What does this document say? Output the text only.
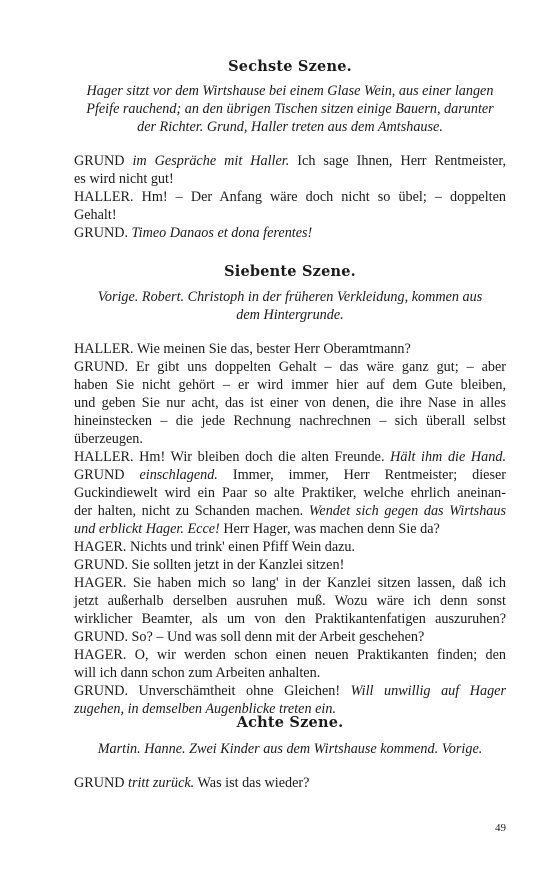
Sechste Szene.
Hager sitzt vor dem Wirtshause bei einem Glase Wein, aus einer langen
Pfeife rauchend; an den übrigen Tischen sitzen einige Bauern, darunter
der Richter. Grund, Haller treten aus dem Amtshause.
GRUND im Gespräche mit Haller. Ich sage Ihnen, Herr Rentmeister,
es wird nicht gut!
HALLER. Hm! – Der Anfang wäre doch nicht so übel; – doppelten
Gehalt!
GRUND. Timeo Danaos et dona ferentes!
Siebente Szene.
Vorige. Robert. Christoph in der früheren Verkleidung, kommen aus
dem Hintergrunde.
HALLER. Wie meinen Sie das, bester Herr Oberamtmann?
GRUND. Er gibt uns doppelten Gehalt – das wäre ganz gut; – aber
haben Sie nicht gehört – er wird immer hier auf dem Gute bleiben,
und geben Sie nur acht, das ist einer von denen, die ihre Nase in alles
hineinstecken – die jede Rechnung nachrechnen – sich überall selbst
überzeugen.
HALLER. Hm! Wir bleiben doch die alten Freunde. Hält ihm die Hand.
GRUND einschlagend. Immer, immer, Herr Rentmeister; dieser
Guckindiewelt wird ein Paar so alte Praktiker, welche ehrlich aneinan-
der halten, nicht zu Schanden machen. Wendet sich gegen das Wirtshaus
und erblickt Hager. Ecce! Herr Hager, was machen denn Sie da?
HAGER. Nichts und trink' einen Pfiff Wein dazu.
GRUND. Sie sollten jetzt in der Kanzlei sitzen!
HAGER. Sie haben mich so lang' in der Kanzlei sitzen lassen, daß ich
jetzt außerhalb derselben ausruhen muß. Wozu wäre ich denn sonst
wirklicher Beamter, als um von den Praktikantenfatigen auszuruhen?
GRUND. So? – Und was soll denn mit der Arbeit geschehen?
HAGER. O, wir werden schon einen neuen Praktikanten finden; den
will ich dann schon zum Arbeiten anhalten.
GRUND. Unverschämtheit ohne Gleichen! Will unwillig auf Hager
zugehen, in demselben Augenblicke treten ein.
Achte Szene.
Martin. Hanne. Zwei Kinder aus dem Wirtshause kommend. Vorige.
GRUND tritt zurück. Was ist das wieder?
49
